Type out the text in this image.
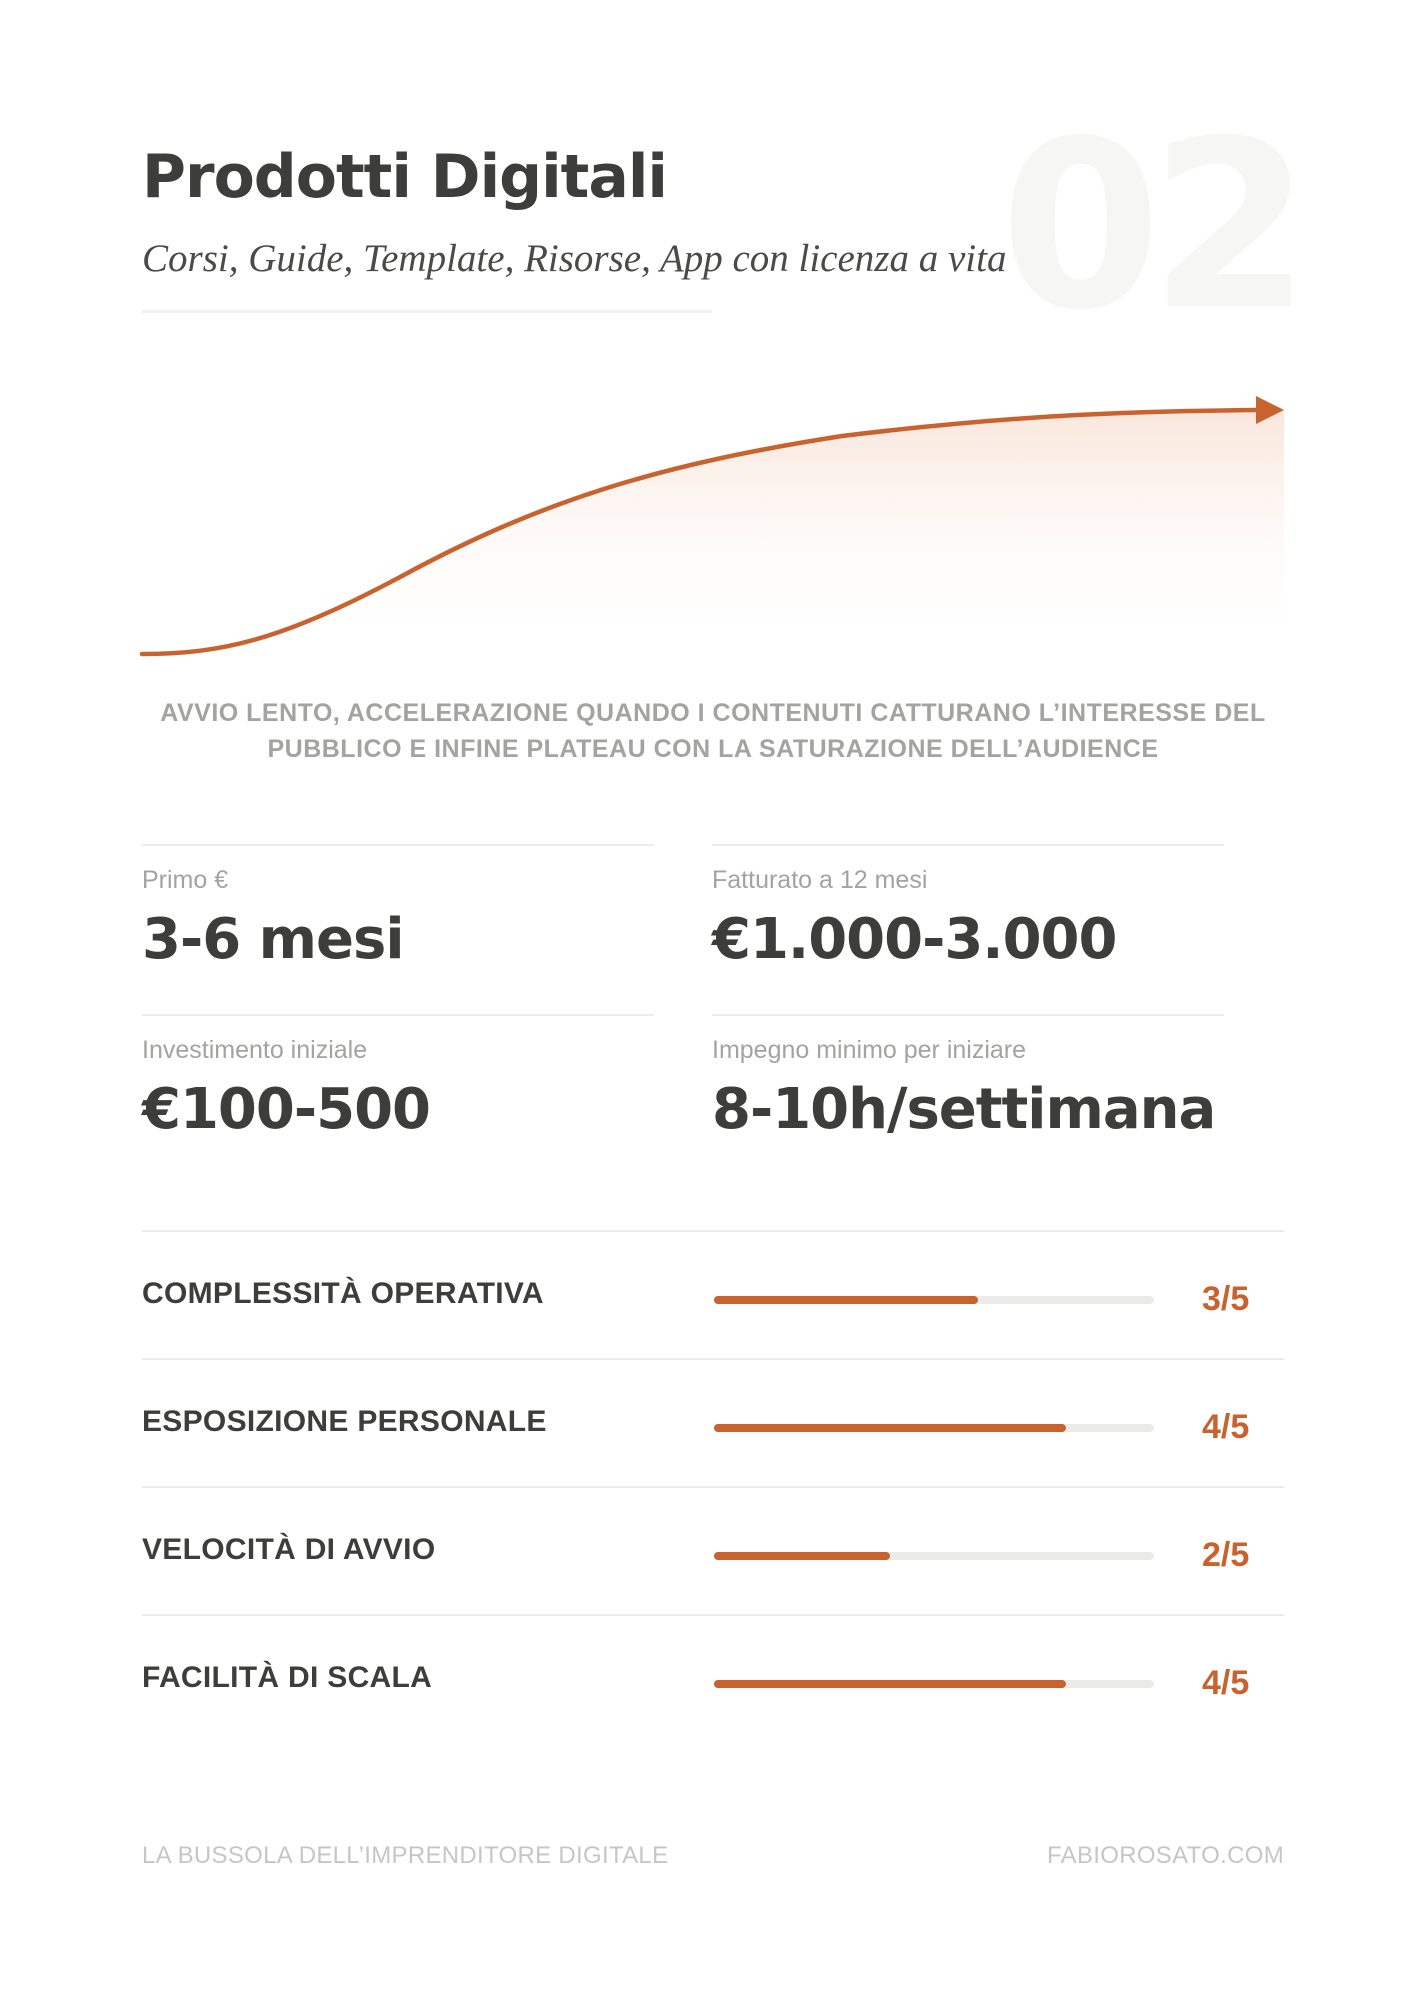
02
Prodotti Digitali

Corsi, Guide, Template, Risorse, App con licenza a vita

AVVIO LENTO, ACCELERAZIONE QUANDO I CONTENUTI CATTURANO L’INTERESSE DEL PUBBLICO E INFINE PLATEAU CON LA SATURAZIONE DELL’AUDIENCE
Primo €
3-6 mesi
Fatturato a 12 mesi
€1.000-3.000
Investimento iniziale
€100-500
Impegno minimo per iniziare
8-10h/settimana
COMPLESSITÀ OPERATIVA	3/5
ESPOSIZIONE PERSONALE	4/5
VELOCITÀ DI AVVIO	2/5
FACILITÀ DI SCALA	4/5
LA BUSSOLA DELL’IMPRENDITORE DIGITALE	FABIOROSATO.COM
